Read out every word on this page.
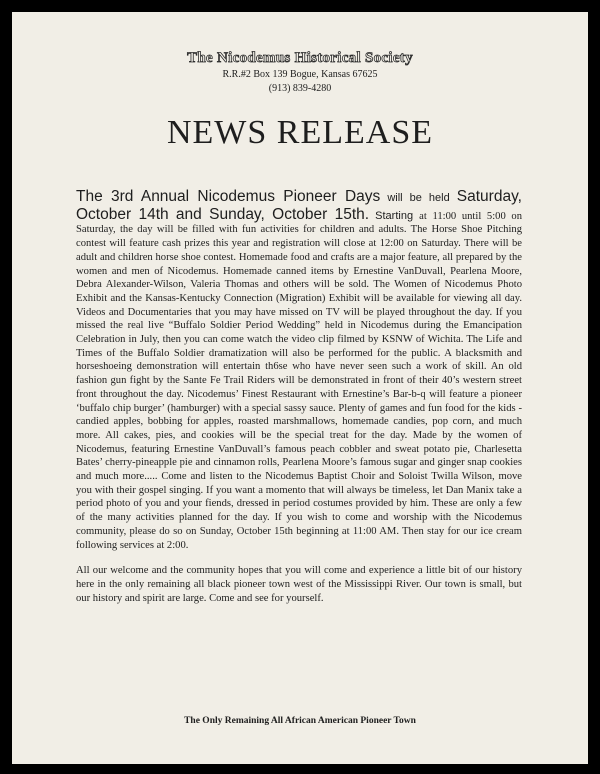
The Nicodemus Historical Society
R.R.#2 Box 139 Bogue, Kansas 67625
(913) 839-4280
NEWS RELEASE

The 3rd Annual Nicodemus Pioneer Days will be held Saturday, October 14th and Sunday, October 15th. Starting at 11:00 until 5:00 on Saturday, the day will be filled with fun activities for children and adults. The Horse Shoe Pitching contest will feature cash prizes this year and registration will close at 12:00 on Saturday. There will be adult and children horse shoe contest. Homemade food and crafts are a major feature, all prepared by the women and men of Nicodemus. Homemade canned items by Ernestine VanDuvall, Pearlena Moore, Debra Alexander-Wilson, Valeria Thomas and others will be sold. The Women of Nicodemus Photo Exhibit and the Kansas-Kentucky Connection (Migration) Exhibit will be available for viewing all day. Videos and Documentaries that you may have missed on TV will be played throughout the day. If you missed the real live “Buffalo Soldier Period Wedding” held in Nicodemus during the Emancipation Celebration in July, then you can come watch the video clip filmed by KSNW of Wichita. The Life and Times of the Buffalo Soldier dramatization will also be performed for the public. A blacksmith and horseshoeing demonstration will entertain th6se who have never seen such a work of skill. An old fashion gun fight by the Sante Fe Trail Riders will be demonstrated in front of their 40’s western street front throughout the day. Nicodemus’ Finest Restaurant with Ernestine’s Bar-b-q will feature a pioneer ‘buffalo chip burger’ (hamburger) with a special sassy sauce. Plenty of games and fun food for the kids - candied apples, bobbing for apples, roasted marshmallows, homemade candies, pop corn, and much more. All cakes, pies, and cookies will be the special treat for the day. Made by the women of Nicodemus, featuring Ernestine VanDuvall’s famous peach cobbler and sweat potato pie, Charlesetta Bates’ cherry-pineapple pie and cinnamon rolls, Pearlena Moore’s famous sugar and ginger snap cookies and much more..... Come and listen to the Nicodemus Baptist Choir and Soloist Twilla Wilson, move you with their gospel singing. If you want a momento that will always be timeless, let Dan Manix take a period photo of you and your fiends, dressed in period costumes provided by him. These are only a few of the many activities planned for the day. If you wish to come and worship with the Nicodemus community, please do so on Sunday, October 15th beginning at 11:00 AM. Then stay for our ice cream following services at 2:00.

All our welcome and the community hopes that you will come and experience a little bit of our history here in the only remaining all black pioneer town west of the Mississippi River. Our town is small, but our history and spirit are large. Come and see for yourself.

The Only Remaining All African American Pioneer Town
